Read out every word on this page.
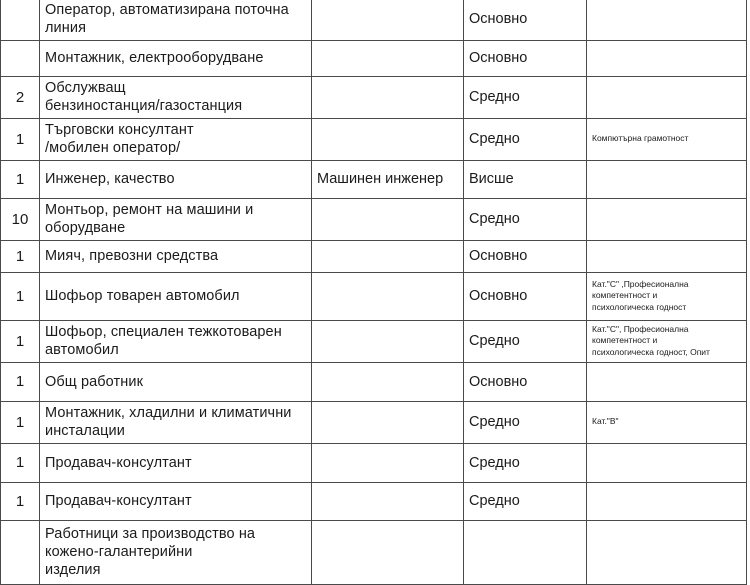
	Оператор, автоматизирана поточна
линия		Основно	

	Монтажник, електрооборудване		Основно	

2	Обслужващ
бензиностанция/газостанция		Средно	

1	Търговски консултант
/мобилен оператор/		Средно	Компютърна грамотност

1	Инженер, качество	Машинен инженер	Висше	

10	Монтьор, ремонт на машини и
оборудване		Средно	

1	Мияч, превозни средства		Основно	

1	Шофьор товарен автомобил		Основно	Кат."C" ,Професионална
компетентност и
психологическа годност

1	Шофьор, специален тежкотоварен
автомобил		Средно	Кат."C", Професионална
компетентност и
психологическа годност, Опит

1	Общ работник		Основно	

1	Монтажник, хладилни и климатични
инсталации		Средно	Кат."B"

1	Продавач-консултант		Средно	

1	Продавач-консултант		Средно	

	Работници за производство на
кожено-галантерийни
изделия			
